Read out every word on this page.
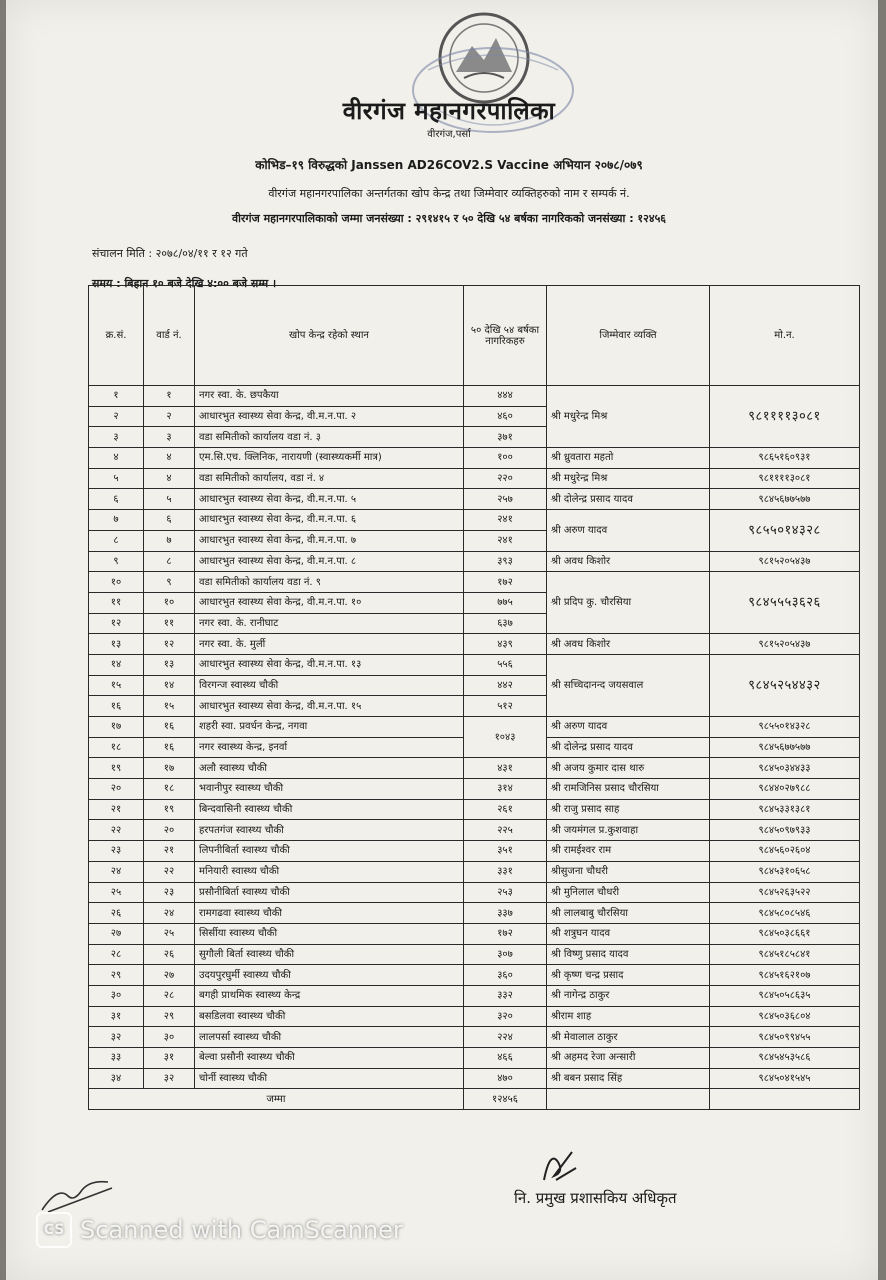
वीरगंज महानगरपालिका
वीरगंज,पर्सा
कोभिड–१९ विरुद्धको Janssen AD26COV2.S Vaccine अभियान २०७८/०७९
वीरगंज महानगरपालिका अन्तर्गतका खोप केन्द्र तथा जिम्मेवार व्यक्तिहरुको नाम र सम्पर्क नं.
वीरगंज महानगरपालिकाको जम्मा जनसंख्या : २९१४१५ र ५० देखि ५४ बर्षका नागरिकको जनसंख्या : १२४५६
संचालन मिति : २०७८/०४/११ र १२ गते
समय : बिहान १० बजे देखि ४:०० बजे सम्म ।
क्र.सं.	वार्ड नं.	खोप केन्द्र रहेको स्थान	५० देखि ५४ बर्षका नागरिकहरु	जिम्मेवार व्यक्ति	मो.न.
१	१	नगर स्वा. के. छपकैया	४४४	श्री मधुरेन्द्र मिश्र	९८११११३०८१
२	२	आधारभुत स्वास्थ्य सेवा केन्द्र, वी.म.न.पा. २	४६०		
३	३	वडा समितीको कार्यालय वडा नं. ३	३७१		
४	४	एम.सि.एच. क्लिनिक, नारायणी (स्वास्थ्यकर्मी मात्र)	१००	श्री ध्रुवतारा महतो	९८६५१६०९३१
५	४	वडा समितीको कार्यालय, वडा नं. ४	२२०	श्री मधुरेन्द्र मिश्र	९८११११३०८१
६	५	आधारभुत स्वास्थ्य सेवा केन्द्र, वी.म.न.पा. ५	२५७	श्री दोलेन्द्र प्रसाद यादव	९८४५६७७५७७
७	६	आधारभुत स्वास्थ्य सेवा केन्द्र, वी.म.न.पा. ६	२४१	श्री अरुण यादव	९८५५०१४३२८
८	७	आधारभुत स्वास्थ्य सेवा केन्द्र, वी.म.न.पा. ७	२४१		
९	८	आधारभुत स्वास्थ्य सेवा केन्द्र, वी.म.न.पा. ८	३९३	श्री अवध किशोर	९८१५२०५४३७
१०	९	वडा समितीको कार्यालय वडा नं. ९	१७२	श्री प्रदिप कु. चौरसिया	९८४५५५३६२६
११	१०	आधारभुत स्वास्थ्य सेवा केन्द्र, वी.म.न.पा. १०	७७५		
१२	११	नगर स्वा. के. रानीघाट	६३७		
१३	१२	नगर स्वा. के. मुर्ली	४३९	श्री अवध किशोर	९८१५२०५४३७
१४	१३	आधारभुत स्वास्थ्य सेवा केन्द्र, वी.म.न.पा. १३	५५६	श्री सच्चिदानन्द जयसवाल	९८४५२५४४३२
१५	१४	विरगन्ज स्वास्थ्य चौकी	४४२		
१६	१५	आधारभुत स्वास्थ्य सेवा केन्द्र, वी.म.न.पा. १५	५१२		
१७	१६	शहरी स्वा. प्रवर्धन केन्द्र, नगवा	१०४३	श्री अरुण यादव	९८५५०१४३२८
१८	१६	नगर स्वास्थ्य केन्द्र, इनर्वा		श्री दोलेन्द्र प्रसाद यादव	९८४५६७७५७७
१९	१७	अलौ स्वास्थ्य चौकी	४३१	श्री अजय कुमार दास थारु	९८४५०३४४३३
२०	१८	भवानीपुर स्वास्थ्य चौकी	३१४	श्री रामजिनिस प्रसाद चौरसिया	९८४४०२७९८८
२१	१९	बिन्दवासिनी स्वास्थ्य चौकी	२६१	श्री राजु प्रसाद साह	९८४५३३१३८१
२२	२०	हरपतगंज स्वास्थ्य चौकी	२२५	श्री जयमंगल प्र.कुशवाहा	९८४५०९७९३३
२३	२१	लिपनीबिर्ता स्वास्थ्य चौकी	३५१	श्री रामईश्वर राम	९८४५६०२६०४
२४	२२	मनियारी स्वास्थ्य चौकी	३३१	श्रीसुजना चौधरी	९८४५३१०६५८
२५	२३	प्रसौनीबिर्ता स्वास्थ्य चौकी	२५३	श्री मुनिलाल चौधरी	९८४५२६३५२२
२६	२४	रामगढवा स्वास्थ्य चौकी	३३७	श्री लालबाबु चौरसिया	९८४५८०८५४६
२७	२५	सिर्सीया स्वास्थ्य चौकी	१७२	श्री शत्रुघन यादव	९८४५०३८६६१
२८	२६	सुगौली बिर्ता स्वास्थ्य चौकी	३०७	श्री विष्णु प्रसाद यादव	९८४५१८५८४१
२९	२७	उदयपुरघुर्मी स्वास्थ्य चौकी	३६०	श्री कृष्ण चन्द्र प्रसाद	९८४५१६२१०७
३०	२८	बगही प्राथमिक स्वास्थ्य केन्द्र	३३२	श्री नागेन्द्र ठाकुर	९८४५०५८६३५
३१	२९	बसडिलवा स्वास्थ्य चौकी	३२०	श्रीराम शाह	९८४५०३६८०४
३२	३०	लालपर्सा स्वास्थ्य चौकी	२२४	श्री मेवालाल ठाकुर	९८४५०९९४५५
३३	३१	बेल्वा प्रसौनी स्वास्थ्य चौकी	४६६	श्री अहमद रेजा अन्सारी	९८४५४५३५८६
३४	३२	चोर्नी स्वास्थ्य चौकी	४७०	श्री बबन प्रसाद सिंह	९८४५०४१५४५
जम्मा			१२४५६		
नि. प्रमुख प्रशासकिय अधिकृत
CS Scanned with CamScanner
